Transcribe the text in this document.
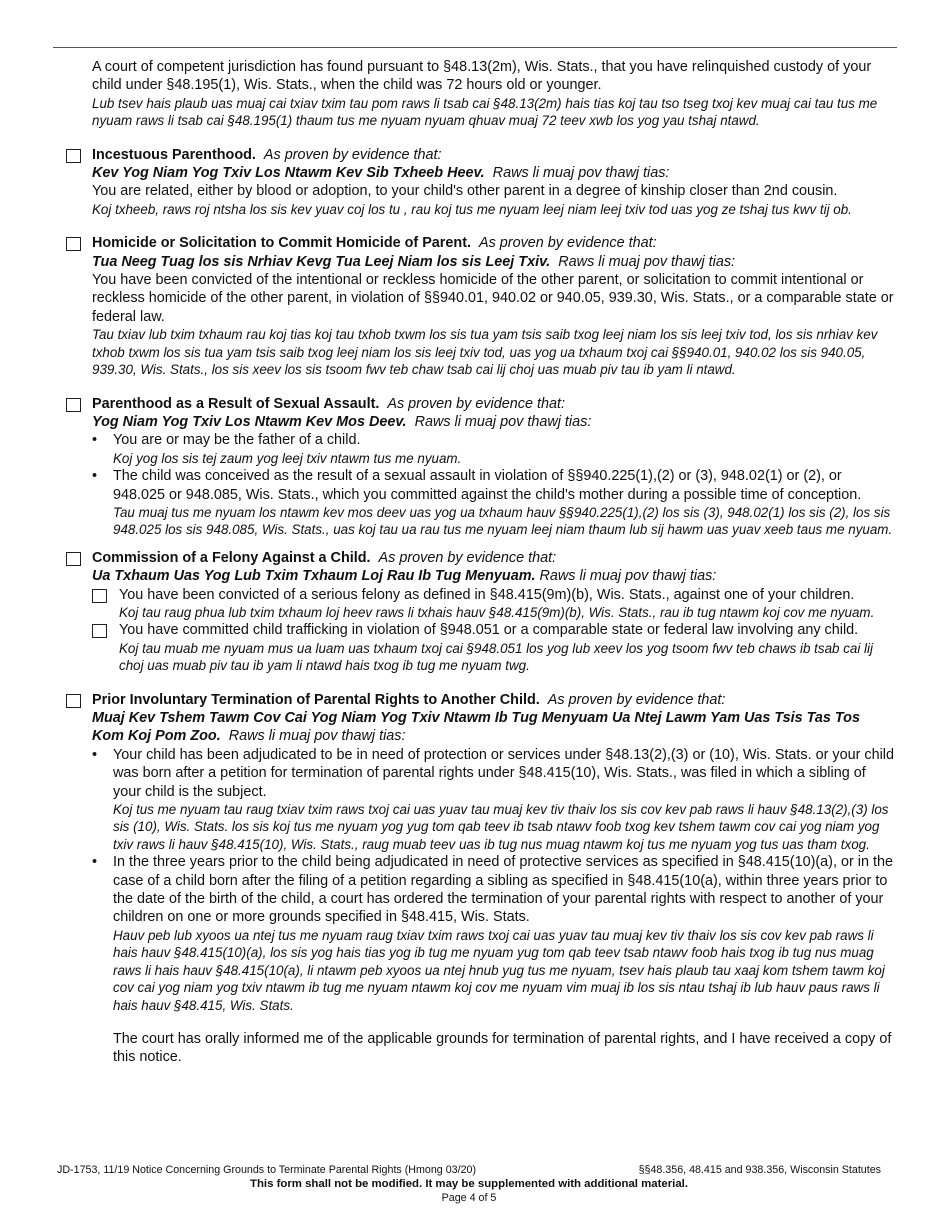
A court of competent jurisdiction has found pursuant to §48.13(2m), Wis. Stats., that you have relinquished custody of your child under §48.195(1), Wis. Stats., when the child was 72 hours old or younger.

Lub tsev hais plaub uas muaj cai txiav txim tau pom raws li tsab cai §48.13(2m) hais tias koj tau tso tseg txoj kev muaj cai tau tus me nyuam raws li tsab cai §48.195(1) thaum tus me nyuam nyuam qhuav muaj 72 teev xwb los yog yau tshaj ntawd.

Incestuous Parenthood. As proven by evidence that:

Kev Yog Niam Yog Txiv Los Ntawm Kev Sib Txheeb Heev. Raws li muaj pov thawj tias:

You are related, either by blood or adoption, to your child's other parent in a degree of kinship closer than 2nd cousin.

Koj txheeb, raws roj ntsha los sis kev yuav coj los tu , rau koj tus me nyuam leej niam leej txiv tod uas yog ze tshaj tus kwv tij ob.

Homicide or Solicitation to Commit Homicide of Parent. As proven by evidence that:

Tua Neeg Tuag los sis Nrhiav Kevg Tua Leej Niam los sis Leej Txiv. Raws li muaj pov thawj tias:

You have been convicted of the intentional or reckless homicide of the other parent, or solicitation to commit intentional or reckless homicide of the other parent, in violation of §§940.01, 940.02 or 940.05, 939.30, Wis. Stats., or a comparable state or federal law.

Tau txiav lub txim txhaum rau koj tias koj tau txhob txwm los sis tua yam tsis saib txog leej niam los sis leej txiv tod, los sis nrhiav kev txhob txwm los sis tua yam tsis saib txog leej niam los sis leej txiv tod, uas yog ua txhaum txoj cai §§940.01, 940.02 los sis 940.05, 939.30, Wis. Stats., los sis xeev los sis tsoom fwv teb chaw tsab cai lij choj uas muab piv tau ib yam li ntawd.

Parenthood as a Result of Sexual Assault. As proven by evidence that:

Yog Niam Yog Txiv Los Ntawm Kev Mos Deev. Raws li muaj pov thawj tias:

• You are or may be the father of a child.

Koj yog los sis tej zaum yog leej txiv ntawm tus me nyuam.

• The child was conceived as the result of a sexual assault in violation of §§940.225(1),(2) or (3), 948.02(1) or (2), or 948.025 or 948.085, Wis. Stats., which you committed against the child's mother during a possible time of conception.

Tau muaj tus me nyuam los ntawm kev mos deev uas yog ua txhaum hauv §§940.225(1),(2) los sis (3), 948.02(1) los sis (2), los sis 948.025 los sis 948.085, Wis. Stats., uas koj tau ua rau tus me nyuam leej niam thaum lub sij hawm uas yuav xeeb taus me nyuam.

Commission of a Felony Against a Child. As proven by evidence that:

Ua Txhaum Uas Yog Lub Txim Txhaum Loj Rau Ib Tug Menyuam. Raws li muaj pov thawj tias:

You have been convicted of a serious felony as defined in §48.415(9m)(b), Wis. Stats., against one of your children.

Koj tau raug phua lub txim txhaum loj heev raws li txhais hauv §48.415(9m)(b), Wis. Stats., rau ib tug ntawm koj cov me nyuam.

You have committed child trafficking in violation of §948.051 or a comparable state or federal law involving any child.

Koj tau muab me nyuam mus ua luam uas txhaum txoj cai §948.051 los yog lub xeev los yog tsoom fwv teb chaws ib tsab cai lij choj uas muab piv tau ib yam li ntawd hais txog ib tug me nyuam twg.

Prior Involuntary Termination of Parental Rights to Another Child. As proven by evidence that:

Muaj Kev Tshem Tawm Cov Cai Yog Niam Yog Txiv Ntawm Ib Tug Menyuam Ua Ntej Lawm Yam Uas Tsis Tas Tos Kom Koj Pom Zoo. Raws li muaj pov thawj tias:

• Your child has been adjudicated to be in need of protection or services under §48.13(2),(3) or (10), Wis. Stats. or your child was born after a petition for termination of parental rights under §48.415(10), Wis. Stats., was filed in which a sibling of your child is the subject.

Koj tus me nyuam tau raug txiav txim raws txoj cai uas yuav tau muaj kev tiv thaiv los sis cov kev pab raws li hauv §48.13(2),(3) los sis (10), Wis. Stats. los sis koj tus me nyuam yog yug tom qab teev ib tsab ntawv foob txog kev tshem tawm cov cai yog niam yog txiv raws li hauv §48.415(10), Wis. Stats., raug muab teev uas ib tug nus muag ntawm koj tus me nyuam yog tus uas tham txog.

• In the three years prior to the child being adjudicated in need of protective services as specified in §48.415(10)(a), or in the case of a child born after the filing of a petition regarding a sibling as specified in §48.415(10(a), within three years prior to the date of the birth of the child, a court has ordered the termination of your parental rights with respect to another of your children on one or more grounds specified in §48.415, Wis. Stats.

Hauv peb lub xyoos ua ntej tus me nyuam raug txiav txim raws txoj cai uas yuav tau muaj kev tiv thaiv los sis cov kev pab raws li hais hauv §48.415(10)(a), los sis yog hais tias yog ib tug me nyuam yug tom qab teev tsab ntawv foob hais txog ib tug nus muag raws li hais hauv §48.415(10(a), li ntawm peb xyoos ua ntej hnub yug tus me nyuam, tsev hais plaub tau xaaj kom tshem tawm koj cov cai yog niam yog txiv ntawm ib tug me nyuam ntawm koj cov me nyuam vim muaj ib los sis ntau tshaj ib lub hauv paus raws li hais hauv §48.415, Wis. Stats.

The court has orally informed me of the applicable grounds for termination of parental rights, and I have received a copy of this notice.

JD-1753, 11/19 Notice Concerning Grounds to Terminate Parental Rights (Hmong 03/20)	§§48.356, 48.415 and 938.356, Wisconsin Statutes
This form shall not be modified. It may be supplemented with additional material.
Page 4 of 5
